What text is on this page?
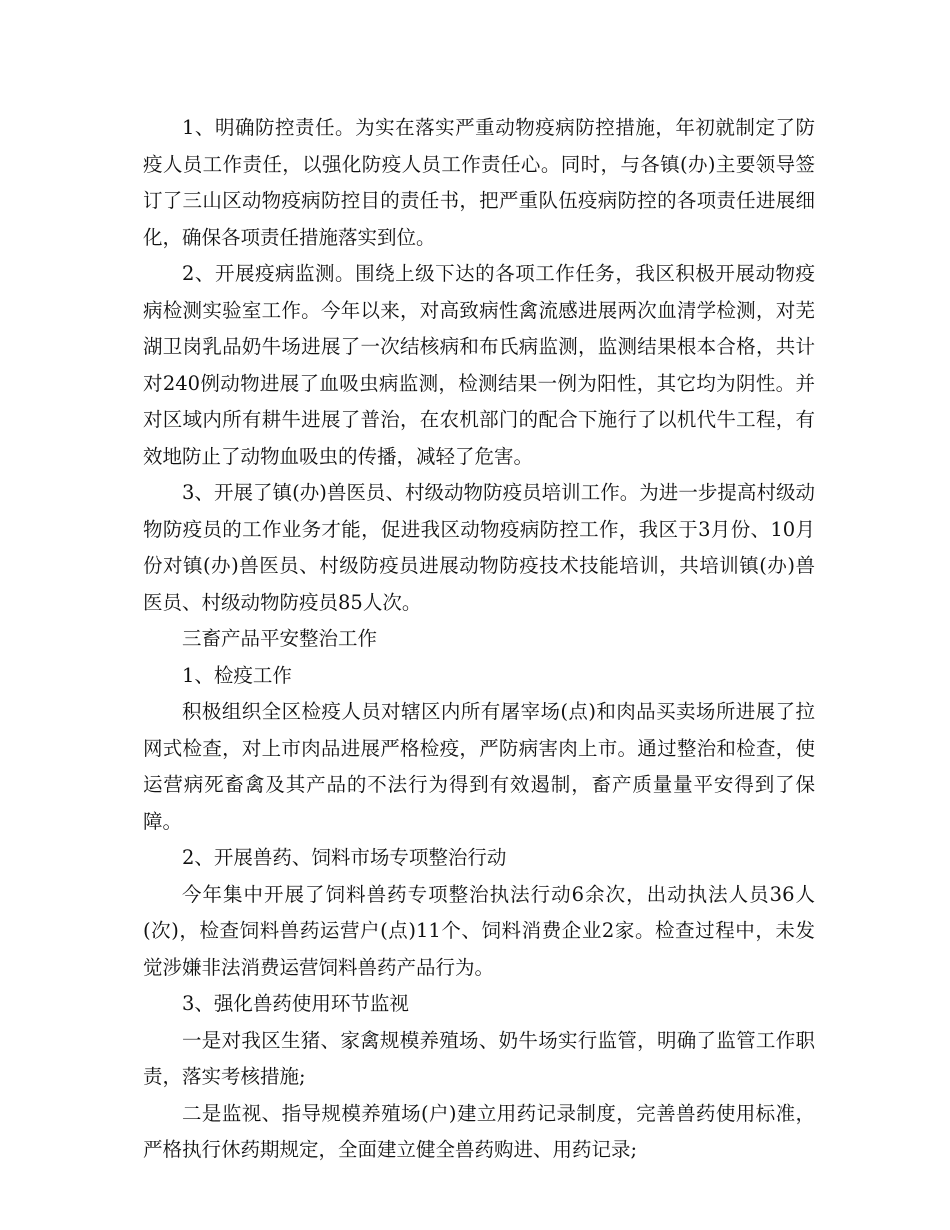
1、明确防控责任。为实在落实严重动物疫病防控措施，年初就制定了防疫人员工作责任，以强化防疫人员工作责任心。同时，与各镇(办)主要领导签订了三山区动物疫病防控目的责任书，把严重队伍疫病防控的各项责任进展细化，确保各项责任措施落实到位。

2、开展疫病监测。围绕上级下达的各项工作任务，我区积极开展动物疫病检测实验室工作。今年以来，对高致病性禽流感进展两次血清学检测，对芜湖卫岗乳品奶牛场进展了一次结核病和布氏病监测，监测结果根本合格，共计对240例动物进展了血吸虫病监测，检测结果一例为阳性，其它均为阴性。并对区域内所有耕牛进展了普治，在农机部门的配合下施行了以机代牛工程，有效地防止了动物血吸虫的传播，减轻了危害。

3、开展了镇(办)兽医员、村级动物防疫员培训工作。为进一步提高村级动物防疫员的工作业务才能，促进我区动物疫病防控工作，我区于3月份、10月份对镇(办)兽医员、村级防疫员进展动物防疫技术技能培训，共培训镇(办)兽医员、村级动物防疫员85人次。

三畜产品平安整治工作

1、检疫工作

积极组织全区检疫人员对辖区内所有屠宰场(点)和肉品买卖场所进展了拉网式检查，对上市肉品进展严格检疫，严防病害肉上市。通过整治和检查，使运营病死畜禽及其产品的不法行为得到有效遏制，畜产质量量平安得到了保障。

2、开展兽药、饲料市场专项整治行动

今年集中开展了饲料兽药专项整治执法行动6余次，出动执法人员36人(次)，检查饲料兽药运营户(点)11个、饲料消费企业2家。检查过程中，未发觉涉嫌非法消费运营饲料兽药产品行为。

3、强化兽药使用环节监视

一是对我区生猪、家禽规模养殖场、奶牛场实行监管，明确了监管工作职责，落实考核措施;

二是监视、指导规模养殖场(户)建立用药记录制度，完善兽药使用标准，严格执行休药期规定，全面建立健全兽药购进、用药记录;
